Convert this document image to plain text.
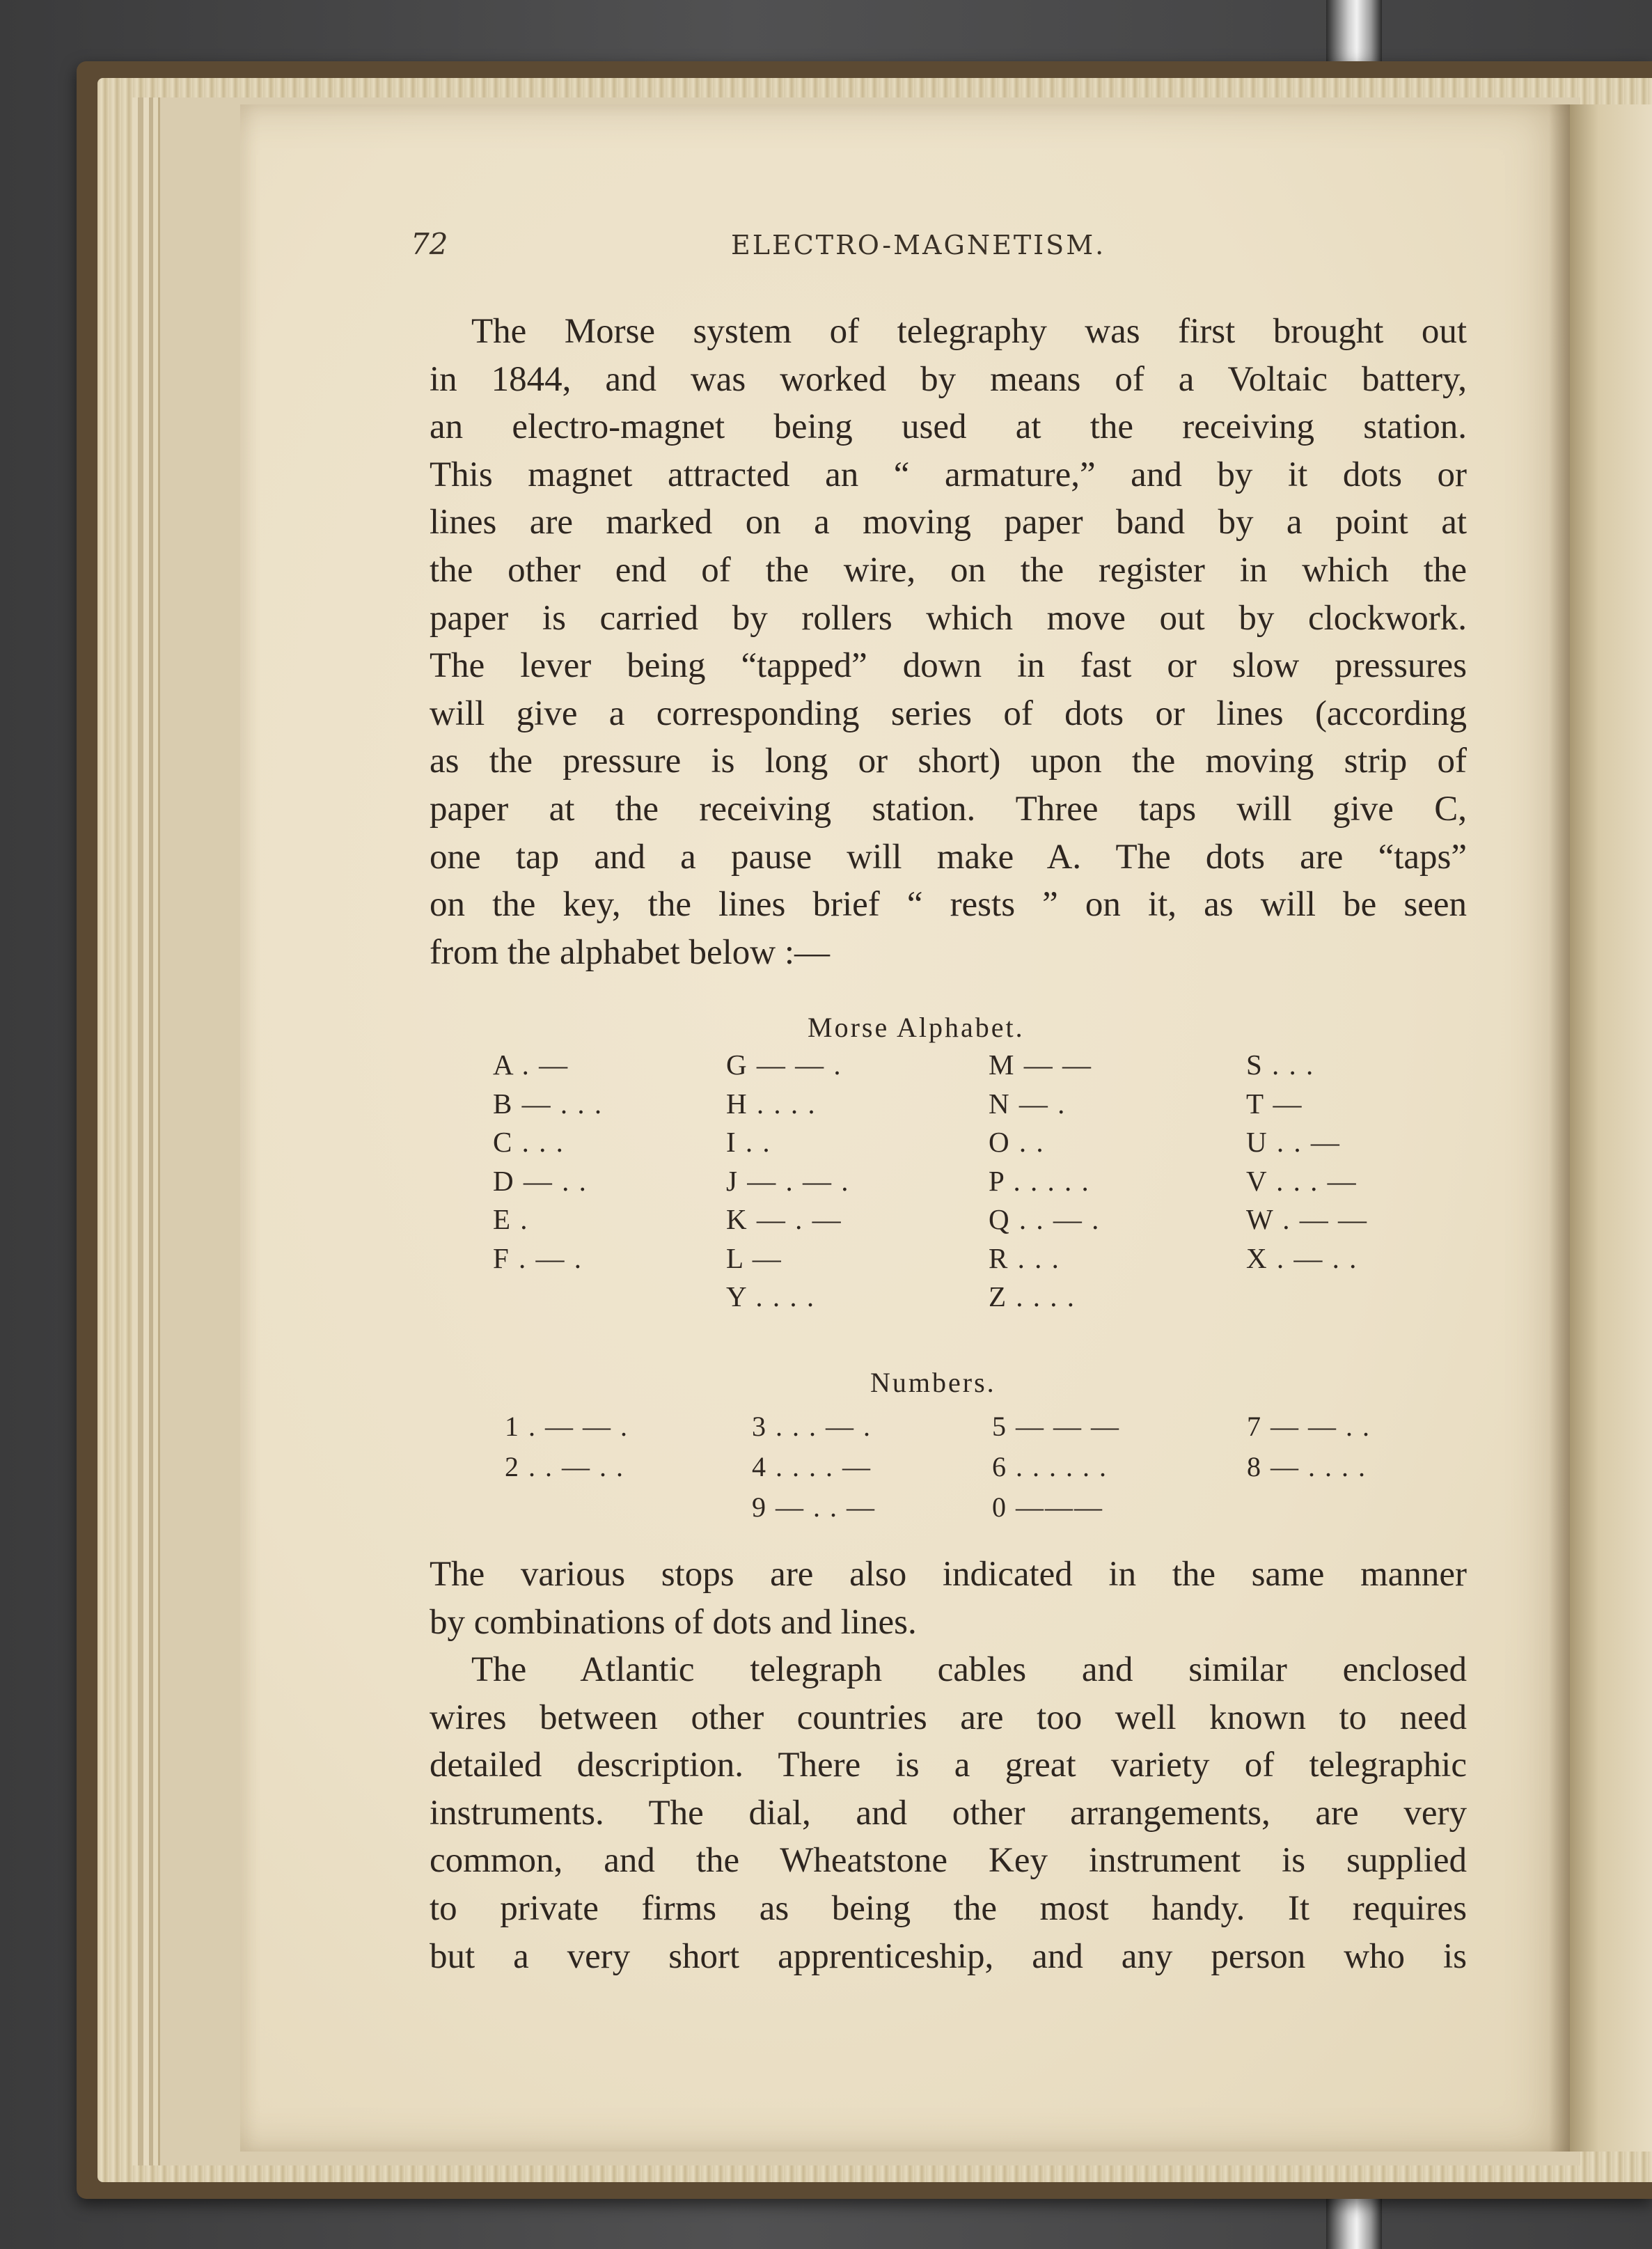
72	ELECTRO-MAGNETISM.
The Morse system of telegraphy was first brought out
in 1844, and was worked by means of a Voltaic battery,
an electro-magnet being used at the receiving station.
This magnet attracted an “ armature,” and by it dots or
lines are marked on a moving paper band by a point at
the other end of the wire, on the register in which the
paper is carried by rollers which move out by clockwork.
The lever being “tapped” down in fast or slow pressures
will give a corresponding series of dots or lines (according
as the pressure is long or short) upon the moving strip of
paper at the receiving station. Three taps will give C,
one tap and a pause will make A. The dots are “taps”
on the key, the lines brief “ rests ” on it, as will be seen
from the alphabet below :—
Morse Alphabet.
A . —
B — . . .
C . . .
D — . .
E .
F . — .
G — — .
H . . . .
I . .
J — . — .
K — . —
L —
Y . . . .
M — —
N — .
O . .
P . . . . .
Q . . — .
R . . .
Z . . . .
S . . .
T —
U . . —
V . . . —
W . — —
X . — . .
Numbers.
1 . — — .
2 . . — . .
3 . . . — .
4 . . . . —
9 — . . —
5 — — —
6 . . . . . .
0 ———
7 — — . .
8 — . . . .
The various stops are also indicated in the same manner
by combinations of dots and lines.
The Atlantic telegraph cables and similar enclosed
wires between other countries are too well known to need
detailed description. There is a great variety of telegraphic
instruments. The dial, and other arrangements, are very
common, and the Wheatstone Key instrument is supplied
to private firms as being the most handy. It requires
but a very short apprenticeship, and any person who is
